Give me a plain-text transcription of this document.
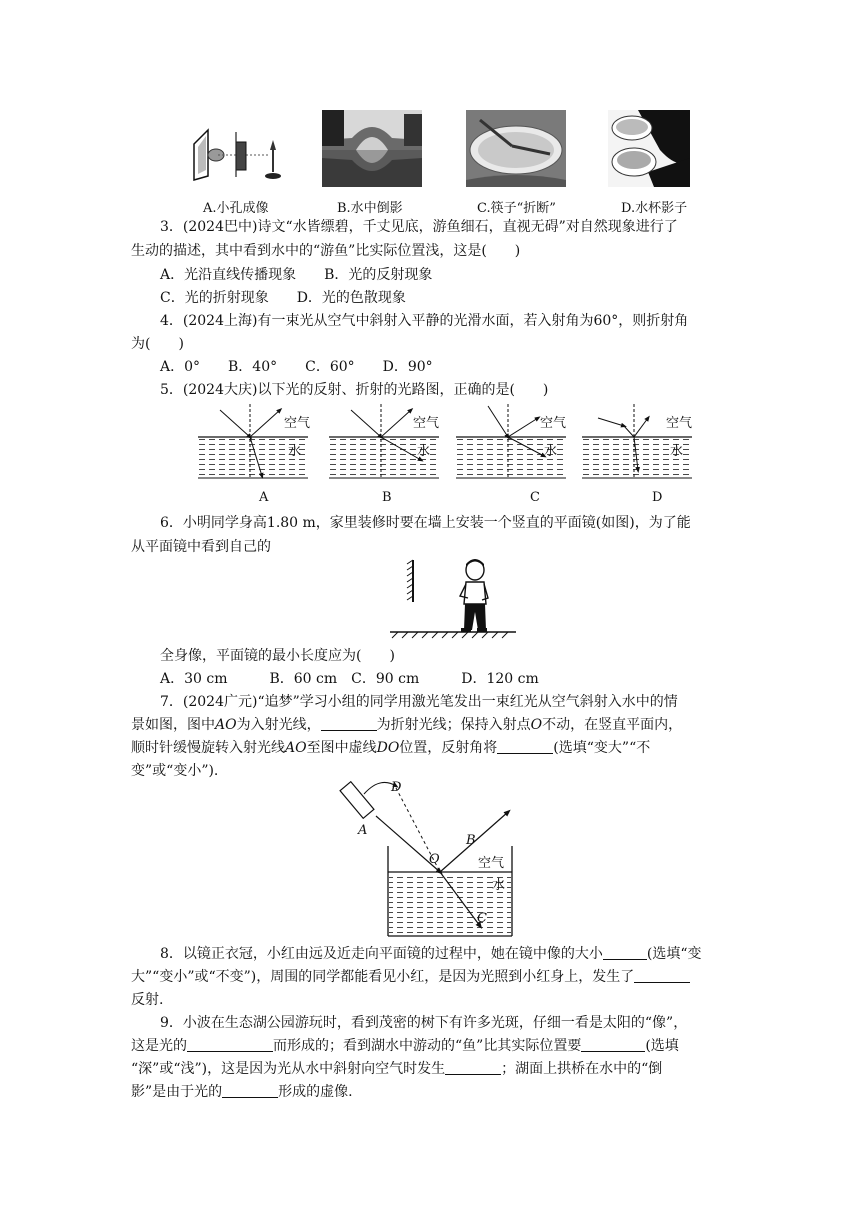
A.小孔成像	B.水中倒影	C.筷子“折断”	D.水杯影子
3．(2024巴中)诗文“水皆缥碧，千丈见底，游鱼细石，直视无碍”对自然现象进行了
生动的描述，其中看到水中的“游鱼”比实际位置浅，这是(　　)
A．光沿直线传播现象　　B．光的反射现象
C．光的折射现象　　D．光的色散现象
4．(2024上海)有一束光从空气中斜射入平静的光滑水面，若入射角为60°，则折射角
为(　　)
A．0°　　B．40°　　C．60°　　D．90°
5．(2024大庆)以下光的反射、折射的光路图，正确的是(　　)
空气
水
空气
水
空气
水
空气
水
A	B	C	D
6．小明同学身高1.80 m，家里装修时要在墙上安装一个竖直的平面镜(如图)，为了能
从平面镜中看到自己的
全身像，平面镜的最小长度应为(　　)
A．30 cm　　　B．60 cm　C．90 cm　　　D．120 cm
7．(2024广元)“追梦”学习小组的同学用激光笔发出一束红光从空气斜射入水中的情
景如图，图中AO为入射光线，	为折射光线；保持入射点O不动，在竖直平面内，
顺时针缓慢旋转入射光线AO至图中虚线DO位置，反射角将	(选填“变大”“不
变”或“变小”).
D
A
O
B
空气
水
C
8．以镜正衣冠，小红由远及近走向平面镜的过程中，她在镜中像的大小	(选填“变
大”“变小”或“不变”)，周围的同学都能看见小红，是因为光照到小红身上，发生了
反射.
9．小波在生态湖公园游玩时，看到茂密的树下有许多光斑，仔细一看是太阳的“像”，
这是光的	而形成的；看到湖水中游动的“鱼”比其实际位置要	(选填
“深”或“浅”)，这是因为光从水中斜射向空气时发生	；湖面上拱桥在水中的“倒
影”是由于光的	形成的虚像.
